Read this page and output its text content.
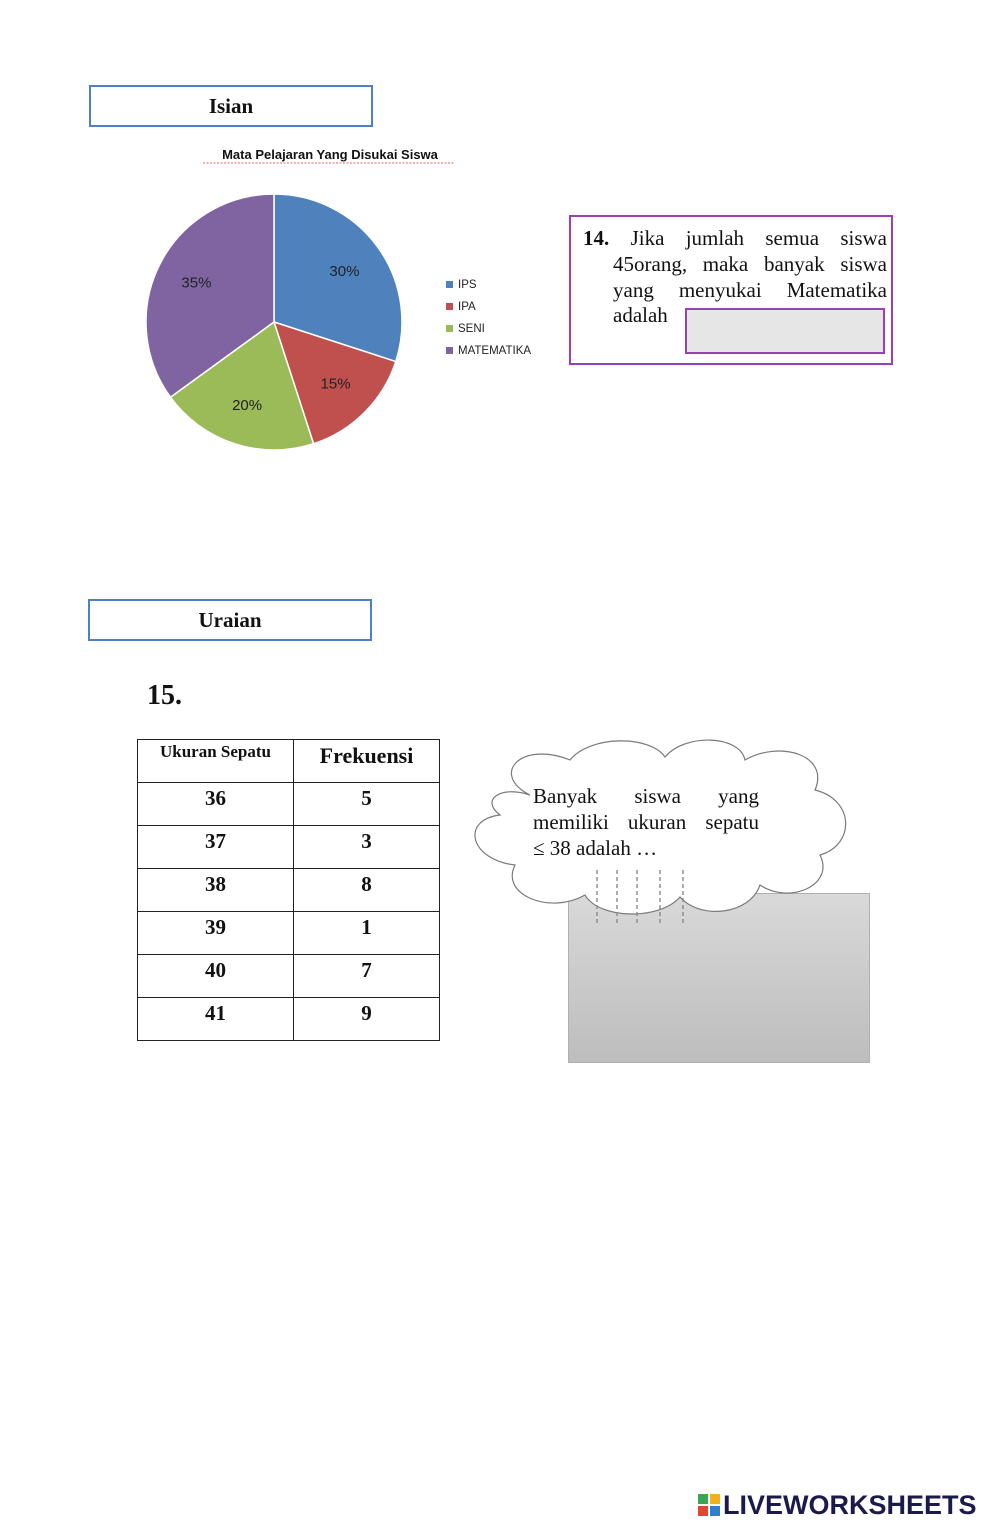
Isian
Mata Pelajaran Yang Disukai Siswa
30%
15%
20%
35%	IPS
IPA
SENI
MATEMATIKA
14. Jika jumlah semua siswa
45orang, maka banyak siswa
yang menyukai Matematika
adalah
Uraian
15.
Ukuran Sepatu	Frekuensi
36	5
37	3
38	8
39	1
40	7
41	9
Banyak siswa yang
memiliki ukuran sepatu
≤ 38 adalah …
LIVEWORKSHEETS
